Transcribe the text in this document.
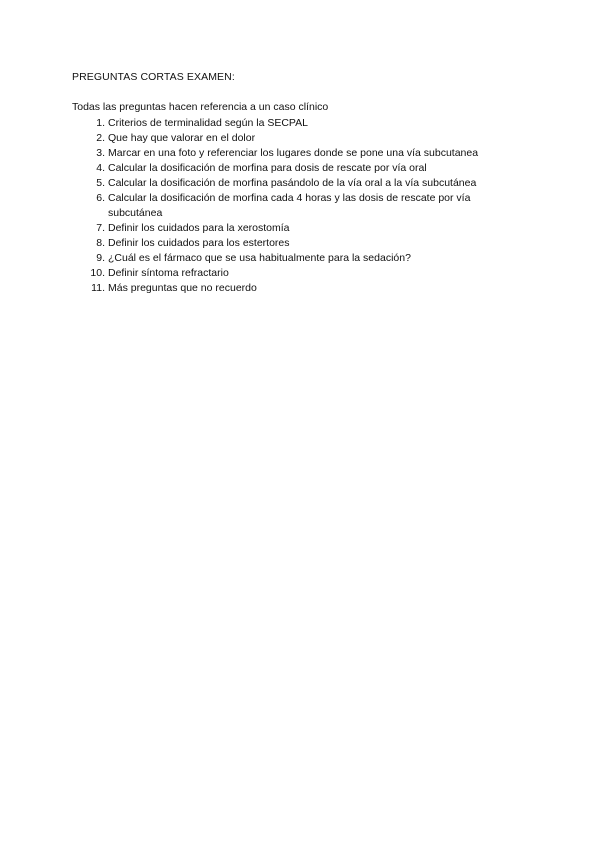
PREGUNTAS CORTAS EXAMEN:
Todas las preguntas hacen referencia a un caso clínico
1. Criterios de terminalidad según la SECPAL
2. Que hay que valorar en el dolor
3. Marcar en una foto y referenciar los lugares donde se pone una vía subcutanea
4. Calcular la dosificación de morfina para dosis de rescate por vía oral
5. Calcular la dosificación de morfina pasándolo de la vía oral a la vía subcutánea
6. Calcular la dosificación de morfina cada 4 horas y las dosis de rescate por vía subcutánea
7. Definir los cuidados para la xerostomía
8. Definir los cuidados para los estertores
9. ¿Cuál es el fármaco que se usa habitualmente para la sedación?
10. Definir síntoma refractario
11. Más preguntas que no recuerdo
